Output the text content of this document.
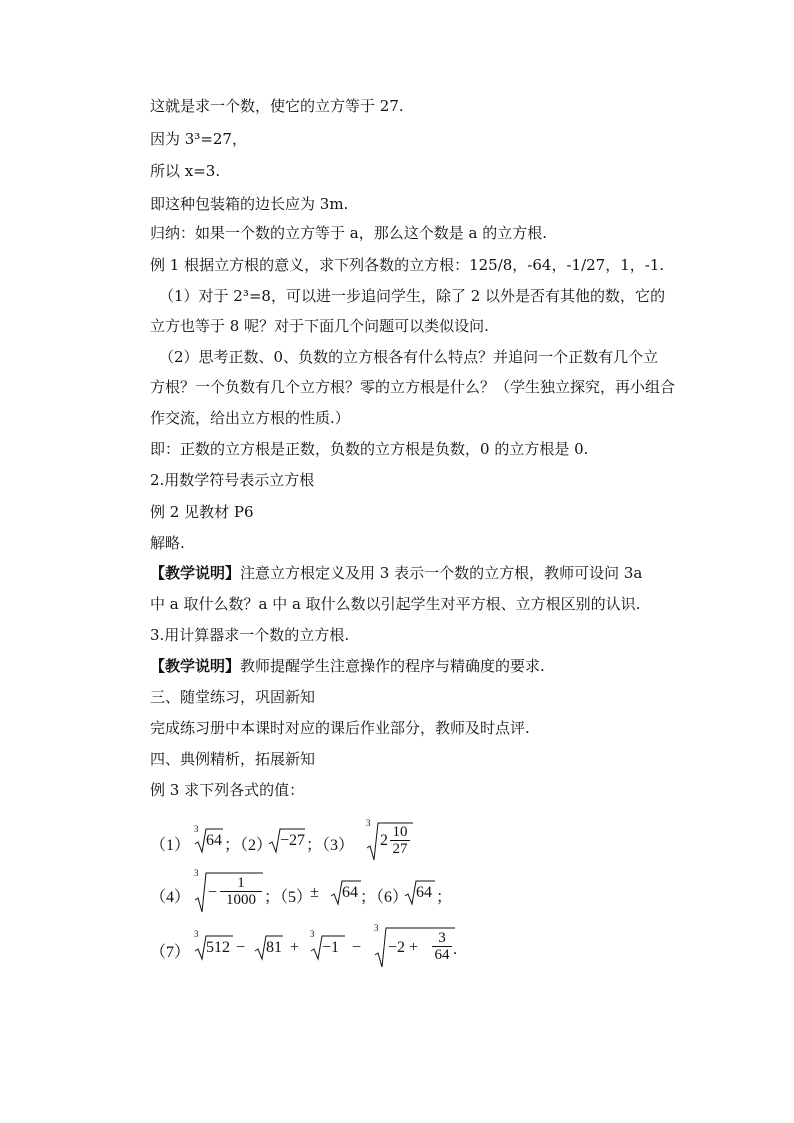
这就是求一个数，使它的立方等于 27.
因为 3³=27，
所以 x=3.
即这种包装箱的边长应为 3m.
归纳：如果一个数的立方等于 a，那么这个数是 a 的立方根.
例 1 根据立方根的意义，求下列各数的立方根：125/8，-64，-1/27，1，-1.
（1）对于 2³=8，可以进一步追问学生，除了 2 以外是否有其他的数，它的
立方也等于 8 呢？对于下面几个问题可以类似设问.
（2）思考正数、0、负数的立方根各有什么特点？并追问一个正数有几个立
方根？一个负数有几个立方根？零的立方根是什么？（学生独立探究，再小组合
作交流，给出立方根的性质.）
即：正数的立方根是正数，负数的立方根是负数，0 的立方根是 0.
2.用数学符号表示立方根
例 2 见教材 P6
解略.
【教学说明】注意立方根定义及用 3 表示一个数的立方根，教师可设问 3a
中 a 取什么数？a 中 a 取什么数以引起学生对平方根、立方根区别的认识.
3.用计算器求一个数的立方根.
【教学说明】教师提醒学生注意操作的程序与精确度的要求.
三、随堂练习，巩固新知
完成练习册中本课时对应的课后作业部分，教师及时点评.
四、典例精析，拓展新知
例 3 求下列各式的值：
（1）
3
64 ；（2） −27 ；（3）
3
2 10
27
（4）
3
−
1
1000 ；（5）
± 64 ；（6） 64 ；
（7）
3
512 − 81 +
3
−1 −
3
−2 +
3
64 .
